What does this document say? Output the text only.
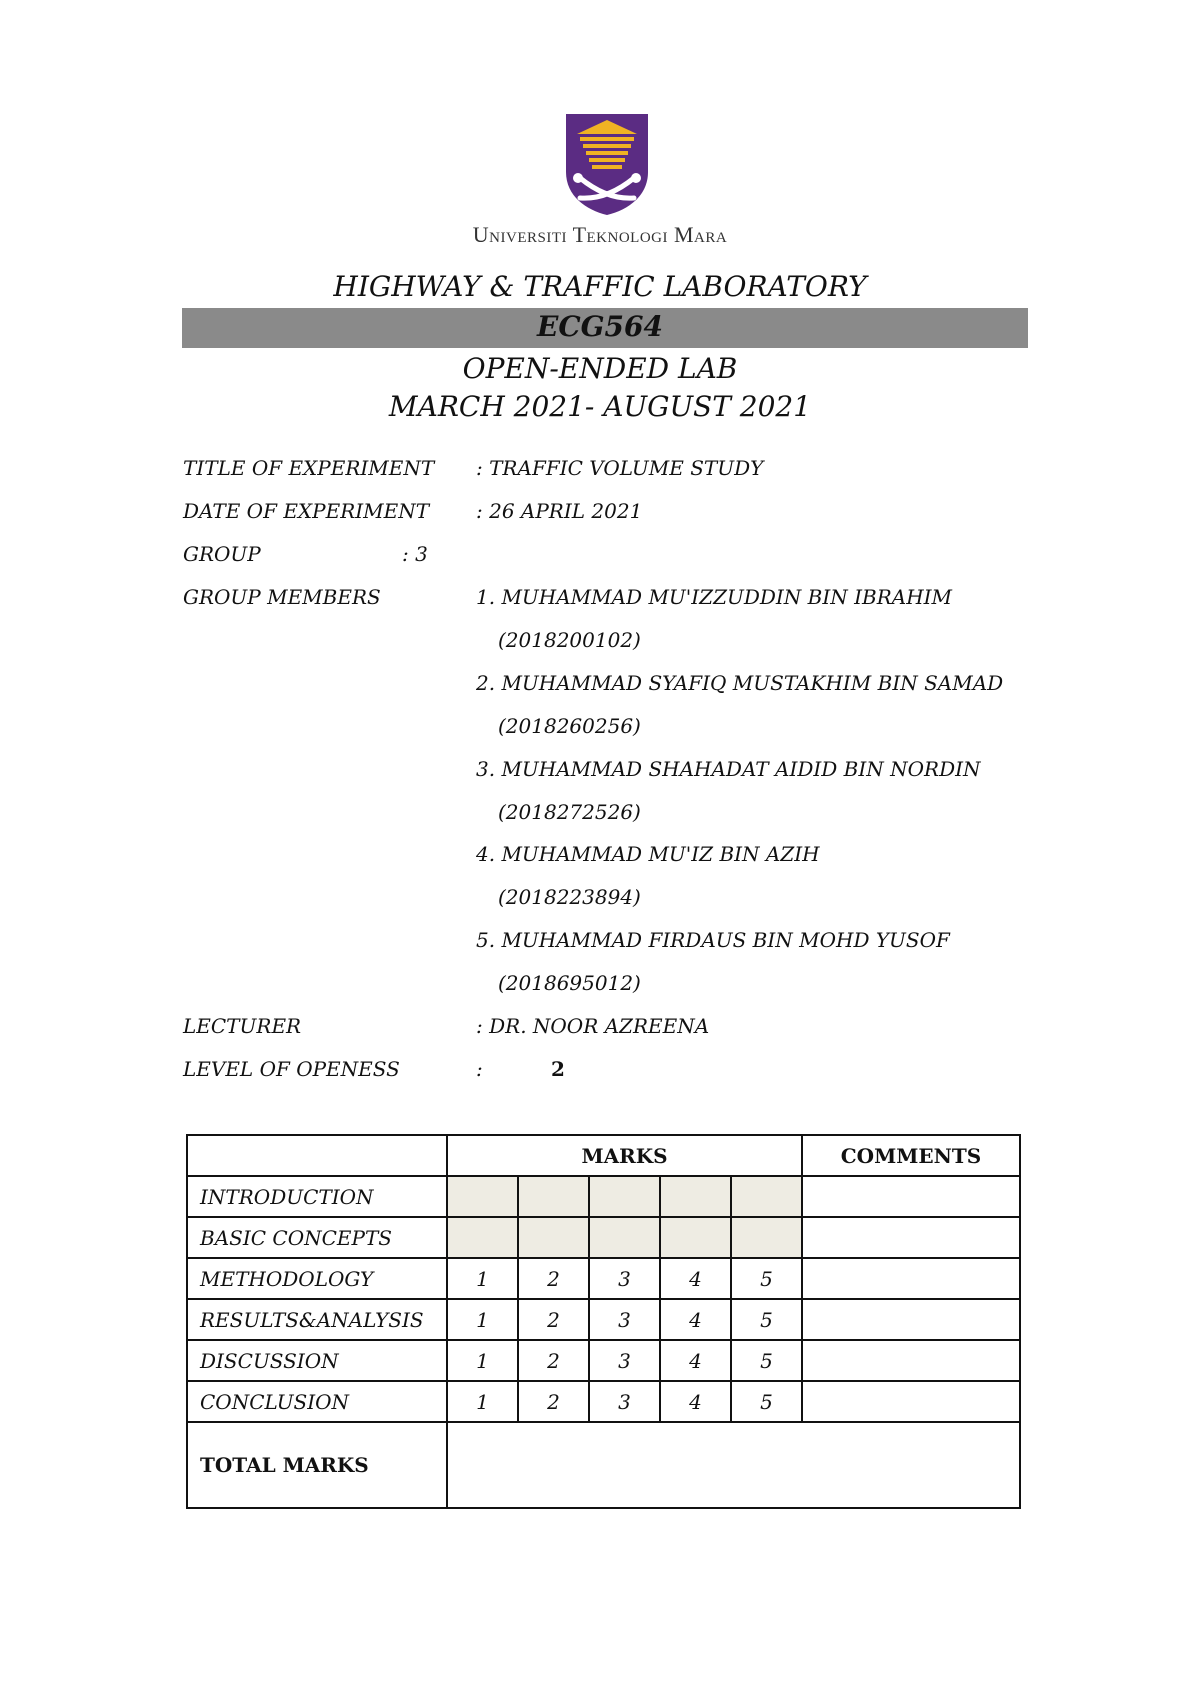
Universiti Teknologi Mara
HIGHWAY & TRAFFIC LABORATORY
ECG564
OPEN-ENDED LAB
MARCH 2021- AUGUST 2021
TITLE OF EXPERIMENT : TRAFFIC VOLUME STUDY
DATE OF EXPERIMENT : 26 APRIL 2021
GROUP	: 3
GROUP MEMBERS	1. MUHAMMAD MU'IZZUDDIN BIN IBRAHIM
(2018200102)
2. MUHAMMAD SYAFIQ MUSTAKHIM BIN SAMAD
(2018260256)
3. MUHAMMAD SHAHADAT AIDID BIN NORDIN
(2018272526)
4. MUHAMMAD MU'IZ BIN AZIH
(2018223894)
5. MUHAMMAD FIRDAUS BIN MOHD YUSOF
(2018695012)
LECTURER	: DR. NOOR AZREENA
LEVEL OF OPENESS	:	2
	MARKS					COMMENTS
INTRODUCTION						
BASIC CONCEPTS						
METHODOLOGY	1	2	3	4	5	
RESULTS&ANALYSIS	1	2	3	4	5	
DISCUSSION	1	2	3	4	5	
CONCLUSION	1	2	3	4	5	
TOTAL MARKS						
